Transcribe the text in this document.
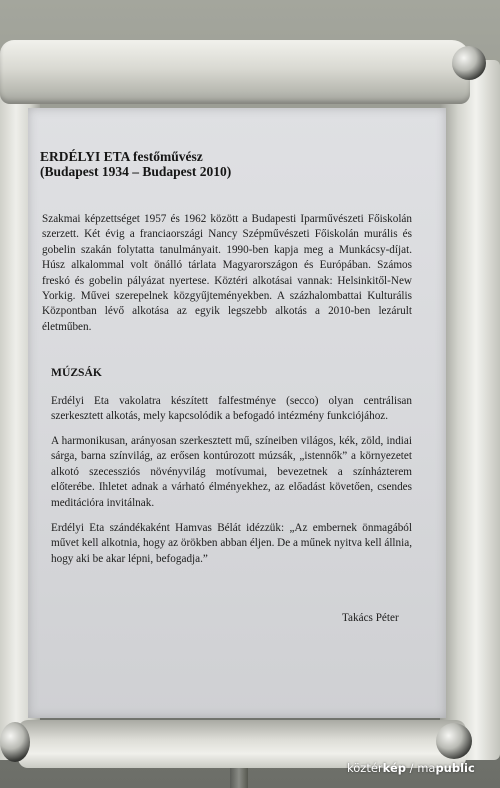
ERDÉLYI ETA festőművész
(Budapest 1934 – Budapest 2010)

Szakmai képzettséget 1957 és 1962 között a Budapesti Iparművészeti Főiskolán szerzett. Két évig a franciaországi Nancy Szépművészeti Főiskolán murális és gobelin szakán folytatta tanulmányait. 1990-ben kapja meg a Munkácsy-díjat. Húsz alkalommal volt önálló tárlata Magyarországon és Európában. Számos freskó és gobelin pályázat nyertese. Köztéri alkotásai vannak: Helsinkitől-New Yorkig. Művei szerepelnek közgyűjteményekben. A százhalombattai Kulturális Központban lévő alkotása az egyik legszebb alkotás a 2010-ben lezárult életműben.

MÚZSÁK

Erdélyi Eta vakolatra készített falfestménye (secco) olyan centrálisan szerkesztett alkotás, mely kapcsolódik a befogadó intézmény funkciójához.

A harmonikusan, arányosan szerkesztett mű, színeiben világos, kék, zöld, indiai sárga, barna színvilág, az erősen kontúrozott múzsák, „istennők” a környezetet alkotó szecessziós növényvilág motívumai, bevezetnek a színházterem előterébe. Ihletet adnak a várható élményekhez, az előadást követően, csendes meditációra invitálnak.

Erdélyi Eta szándékaként Hamvas Bélát idézzük: „Az embernek önmagából művet kell alkotnia, hogy az örökben abban éljen. De a műnek nyitva kell állnia, hogy aki be akar lépni, befogadja.”

Takács Péter
köztérkép / mapublic
